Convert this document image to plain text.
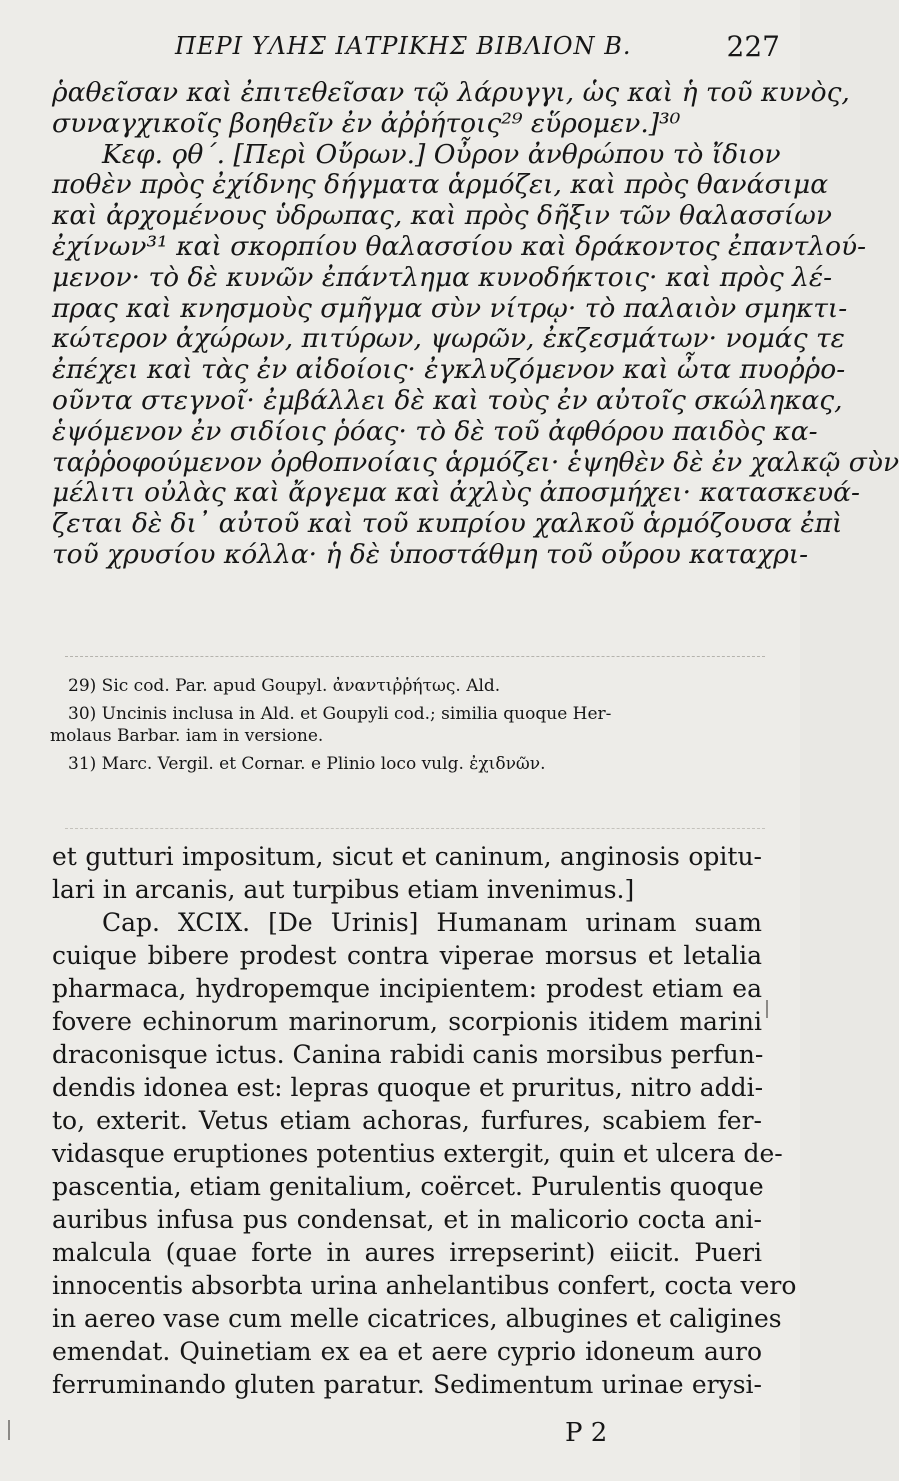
ΠΕΡΙ ΥΛΗΣ ΙΑΤΡΙΚΗΣ ΒΙΒΛΙΟΝ Β.	227
ῥαθεῖσαν καὶ ἐπιτεθεῖσαν τῷ λάρυγγι, ὡς καὶ ἡ τοῦ κυνὸς,
συναγχικοῖς βοηθεῖν ἐν ἀῤῥήτοις²⁹ εὕρομεν.]³⁰
Κεφ. ϙθ΄. [Περὶ Οὔρων.] Οὖρον ἀνθρώπου τὸ ἴδιον
ποθὲν πρὸς ἐχίδνης δήγματα ἁρμόζει, καὶ πρὸς θανάσιμα
καὶ ἀρχομένους ὑδρωπας, καὶ πρὸς δῆξιν τῶν θαλασσίων
ἐχίνων³¹ καὶ σκορπίου θαλασσίου καὶ δράκοντος ἐπαντλού-
μενον· τὸ δὲ κυνῶν ἐπάντλημα κυνοδήκτοις· καὶ πρὸς λέ-
πρας καὶ κνησμοὺς σμῆγμα σὺν νίτρῳ· τὸ παλαιὸν σμηκτι-
κώτερον ἀχώρων, πιτύρων, ψωρῶν, ἐκζεσμάτων· νομάς τε
ἐπέχει καὶ τὰς ἐν αἰδοίοις· ἐγκλυζόμενον καὶ ὦτα πυοῤῥο-
οῦντα στεγνοῖ· ἐμβάλλει δὲ καὶ τοὺς ἐν αὐτοῖς σκώληκας,
ἑψόμενον ἐν σιδίοις ῥόας· τὸ δὲ τοῦ ἀφθόρου παιδὸς κα-
ταῤῥοφούμενον ὀρθοπνοίαις ἁρμόζει· ἑψηθὲν δὲ ἐν χαλκῷ σὺν
μέλιτι οὐλὰς καὶ ἄργεμα καὶ ἀχλὺς ἀποσμήχει· κατασκευά-
ζεται δὲ δι᾽ αὐτοῦ καὶ τοῦ κυπρίου χαλκοῦ ἁρμόζουσα ἐπὶ
τοῦ χρυσίου κόλλα· ἡ δὲ ὑποστάθμη τοῦ οὔρου καταχρι-
29) Sic cod. Par. apud Goupyl. ἀναντιῤῥήτως. Ald.
30) Uncinis inclusa in Ald. et Goupyli cod.; similia quoque Her-
molaus Barbar. iam in versione.
31) Marc. Vergil. et Cornar. e Plinio loco vulg. ἐχιδνῶν.
et gutturi impositum, sicut et caninum, anginosis opitu-
lari in arcanis, aut turpibus etiam invenimus.]
Cap. XCIX. [De Urinis] Humanam urinam suam
cuique bibere prodest contra viperae morsus et letalia
pharmaca, hydropemque incipientem: prodest etiam ea
fovere echinorum marinorum, scorpionis itidem marini
draconisque ictus. Canina rabidi canis morsibus perfun-
dendis idonea est: lepras quoque et pruritus, nitro addi-
to, exterit. Vetus etiam achoras, furfures, scabiem fer-
vidasque eruptiones potentius extergit, quin et ulcera de-
pascentia, etiam genitalium, coërcet. Purulentis quoque
auribus infusa pus condensat, et in malicorio cocta ani-
malcula (quae forte in aures irrepserint) eiicit. Pueri
innocentis absorbta urina anhelantibus confert, cocta vero
in aereo vase cum melle cicatrices, albugines et caligines
emendat. Quinetiam ex ea et aere cyprio idoneum auro
ferruminando gluten paratur. Sedimentum urinae erysi-
P 2
